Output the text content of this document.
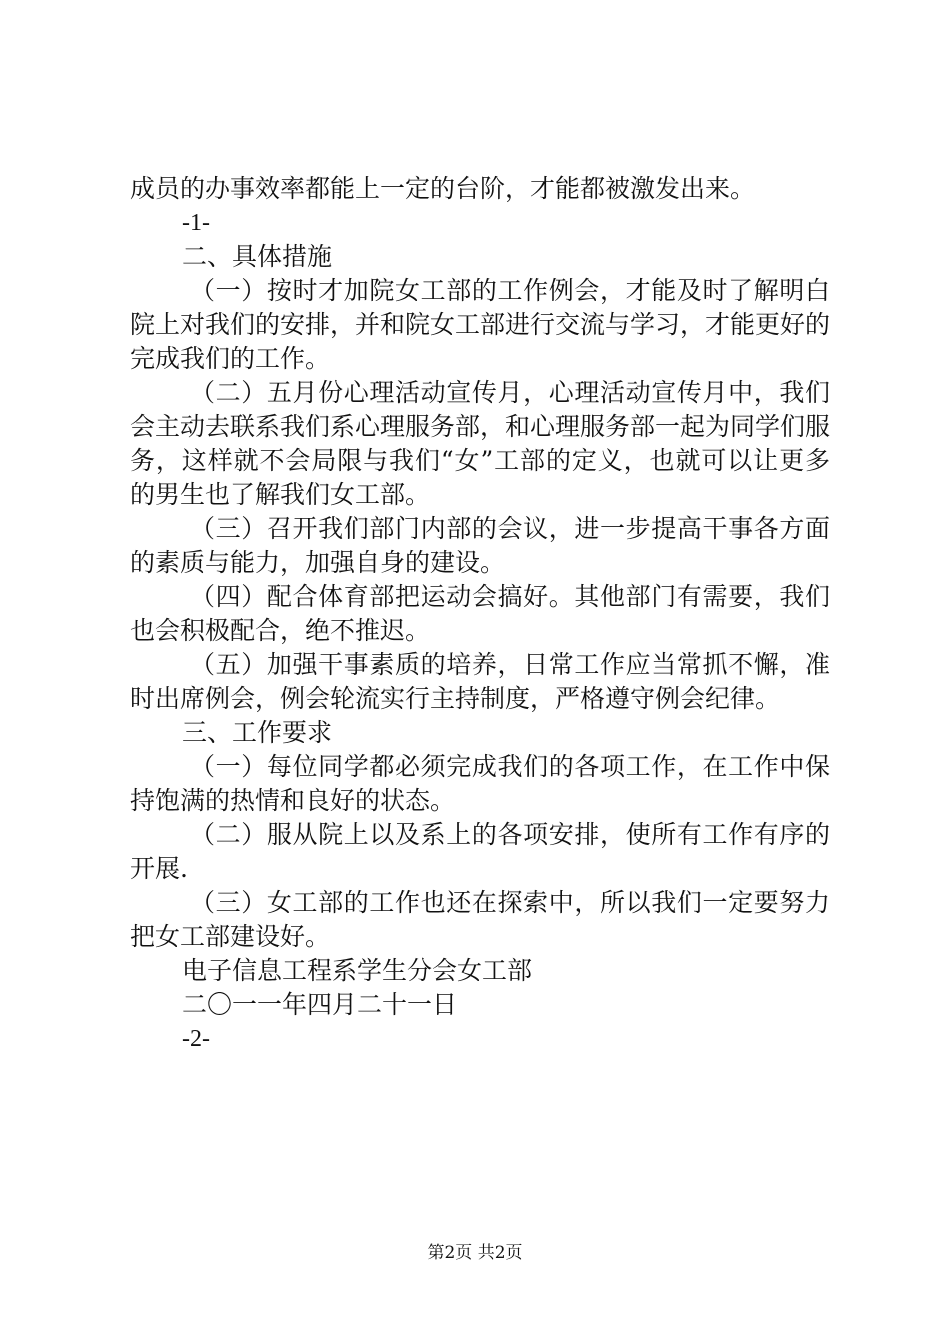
成员的办事效率都能上一定的台阶，才能都被激发出来。

-1-

二、具体措施

（一）按时才加院女工部的工作例会，才能及时了解明白院上对我们的安排，并和院女工部进行交流与学习，才能更好的完成我们的工作。

（二）五月份心理活动宣传月，心理活动宣传月中，我们会主动去联系我们系心理服务部，和心理服务部一起为同学们服务，这样就不会局限与我们“女”工部的定义，也就可以让更多的男生也了解我们女工部。

（三）召开我们部门内部的会议，进一步提高干事各方面的素质与能力，加强自身的建设。

（四）配合体育部把运动会搞好。其他部门有需要，我们也会积极配合，绝不推迟。

（五）加强干事素质的培养，日常工作应当常抓不懈，准时出席例会，例会轮流实行主持制度，严格遵守例会纪律。

三、工作要求

（一）每位同学都必须完成我们的各项工作，在工作中保持饱满的热情和良好的状态。

（二）服从院上以及系上的各项安排，使所有工作有序的开展.

（三）女工部的工作也还在探索中，所以我们一定要努力把女工部建设好。

电子信息工程系学生分会女工部

二〇一一年四月二十一日

-2-

第2页 共2页
